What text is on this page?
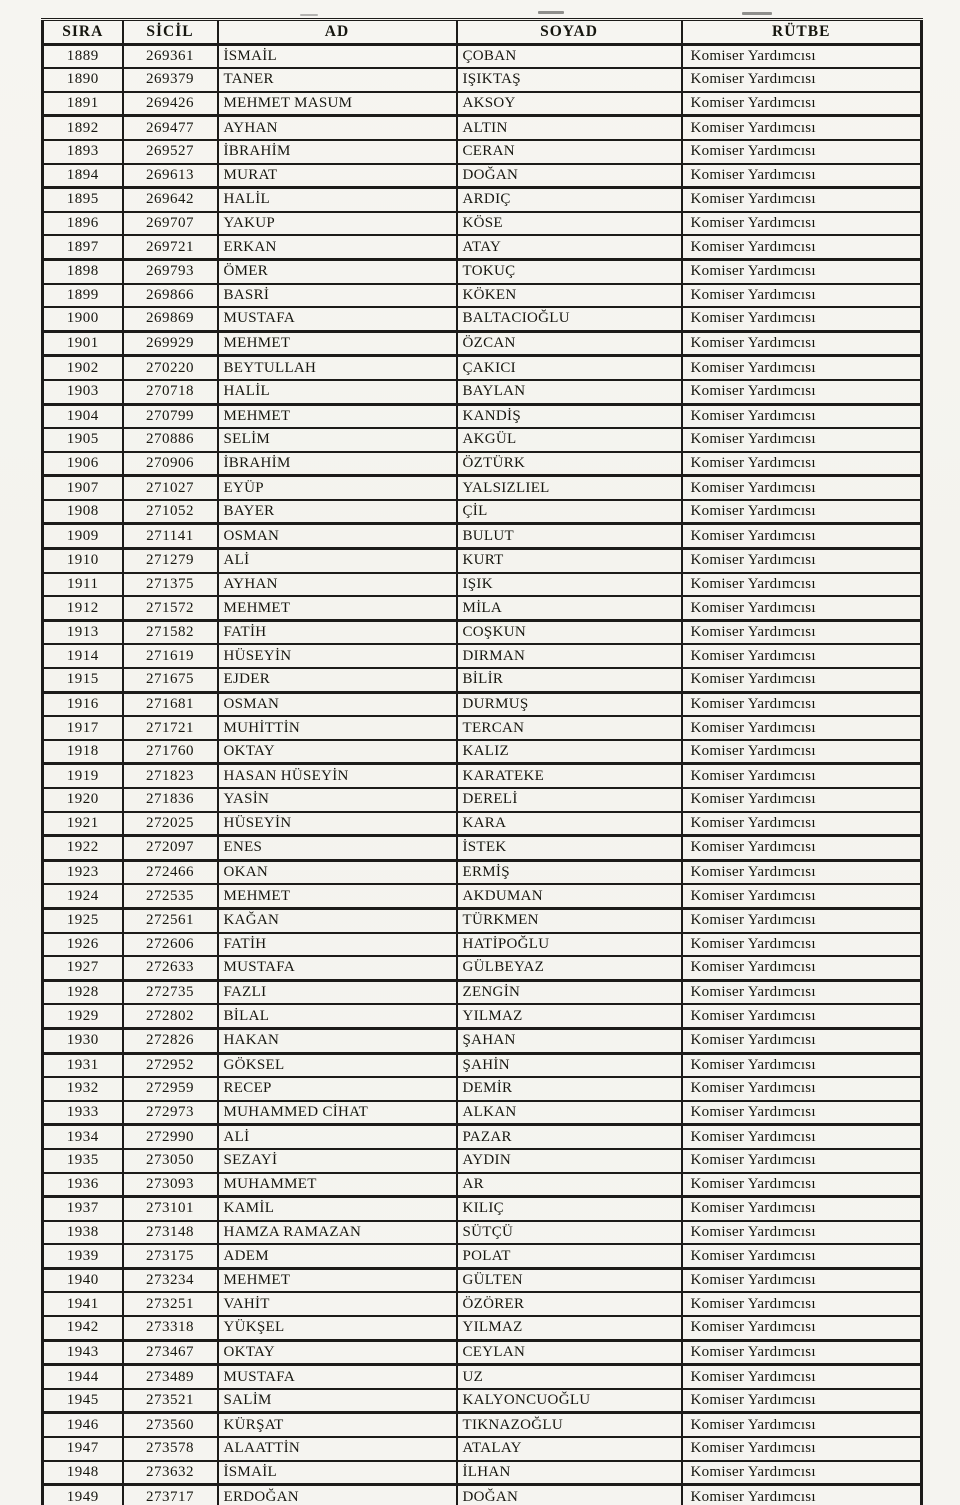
SIRA	SİCİL	AD	SOYAD	RÜTBE
1889	269361	İSMAİL	ÇOBAN	Komiser Yardımcısı
1890	269379	TANER	IŞIKTAŞ	Komiser Yardımcısı
1891	269426	MEHMET MASUM	AKSOY	Komiser Yardımcısı
1892	269477	AYHAN	ALTIN	Komiser Yardımcısı
1893	269527	İBRAHİM	CERAN	Komiser Yardımcısı
1894	269613	MURAT	DOĞAN	Komiser Yardımcısı
1895	269642	HALİL	ARDIÇ	Komiser Yardımcısı
1896	269707	YAKUP	KÖSE	Komiser Yardımcısı
1897	269721	ERKAN	ATAY	Komiser Yardımcısı
1898	269793	ÖMER	TOKUÇ	Komiser Yardımcısı
1899	269866	BASRİ	KÖKEN	Komiser Yardımcısı
1900	269869	MUSTAFA	BALTACIOĞLU	Komiser Yardımcısı
1901	269929	MEHMET	ÖZCAN	Komiser Yardımcısı
1902	270220	BEYTULLAH	ÇAKICI	Komiser Yardımcısı
1903	270718	HALİL	BAYLAN	Komiser Yardımcısı
1904	270799	MEHMET	KANDİŞ	Komiser Yardımcısı
1905	270886	SELİM	AKGÜL	Komiser Yardımcısı
1906	270906	İBRAHİM	ÖZTÜRK	Komiser Yardımcısı
1907	271027	EYÜP	YALSIZLIEL	Komiser Yardımcısı
1908	271052	BAYER	ÇİL	Komiser Yardımcısı
1909	271141	OSMAN	BULUT	Komiser Yardımcısı
1910	271279	ALİ	KURT	Komiser Yardımcısı
1911	271375	AYHAN	IŞIK	Komiser Yardımcısı
1912	271572	MEHMET	MİLA	Komiser Yardımcısı
1913	271582	FATİH	COŞKUN	Komiser Yardımcısı
1914	271619	HÜSEYİN	DIRMAN	Komiser Yardımcısı
1915	271675	EJDER	BİLİR	Komiser Yardımcısı
1916	271681	OSMAN	DURMUŞ	Komiser Yardımcısı
1917	271721	MUHİTTİN	TERCAN	Komiser Yardımcısı
1918	271760	OKTAY	KALIZ	Komiser Yardımcısı
1919	271823	HASAN HÜSEYİN	KARATEKE	Komiser Yardımcısı
1920	271836	YASİN	DERELİ	Komiser Yardımcısı
1921	272025	HÜSEYİN	KARA	Komiser Yardımcısı
1922	272097	ENES	İSTEK	Komiser Yardımcısı
1923	272466	OKAN	ERMİŞ	Komiser Yardımcısı
1924	272535	MEHMET	AKDUMAN	Komiser Yardımcısı
1925	272561	KAĞAN	TÜRKMEN	Komiser Yardımcısı
1926	272606	FATİH	HATİPOĞLU	Komiser Yardımcısı
1927	272633	MUSTAFA	GÜLBEYAZ	Komiser Yardımcısı
1928	272735	FAZLI	ZENGİN	Komiser Yardımcısı
1929	272802	BİLAL	YILMAZ	Komiser Yardımcısı
1930	272826	HAKAN	ŞAHAN	Komiser Yardımcısı
1931	272952	GÖKSEL	ŞAHİN	Komiser Yardımcısı
1932	272959	RECEP	DEMİR	Komiser Yardımcısı
1933	272973	MUHAMMED CİHAT	ALKAN	Komiser Yardımcısı
1934	272990	ALİ	PAZAR	Komiser Yardımcısı
1935	273050	SEZAYİ	AYDIN	Komiser Yardımcısı
1936	273093	MUHAMMET	AR	Komiser Yardımcısı
1937	273101	KAMİL	KILIÇ	Komiser Yardımcısı
1938	273148	HAMZA RAMAZAN	SÜTÇÜ	Komiser Yardımcısı
1939	273175	ADEM	POLAT	Komiser Yardımcısı
1940	273234	MEHMET	GÜLTEN	Komiser Yardımcısı
1941	273251	VAHİT	ÖZÖRER	Komiser Yardımcısı
1942	273318	YÜKŞEL	YILMAZ	Komiser Yardımcısı
1943	273467	OKTAY	CEYLAN	Komiser Yardımcısı
1944	273489	MUSTAFA	UZ	Komiser Yardımcısı
1945	273521	SALİM	KALYONCUOĞLU	Komiser Yardımcısı
1946	273560	KÜRŞAT	TIKNAZOĞLU	Komiser Yardımcısı
1947	273578	ALAATTİN	ATALAY	Komiser Yardımcısı
1948	273632	İSMAİL	İLHAN	Komiser Yardımcısı
1949	273717	ERDOĞAN	DOĞAN	Komiser Yardımcısı
